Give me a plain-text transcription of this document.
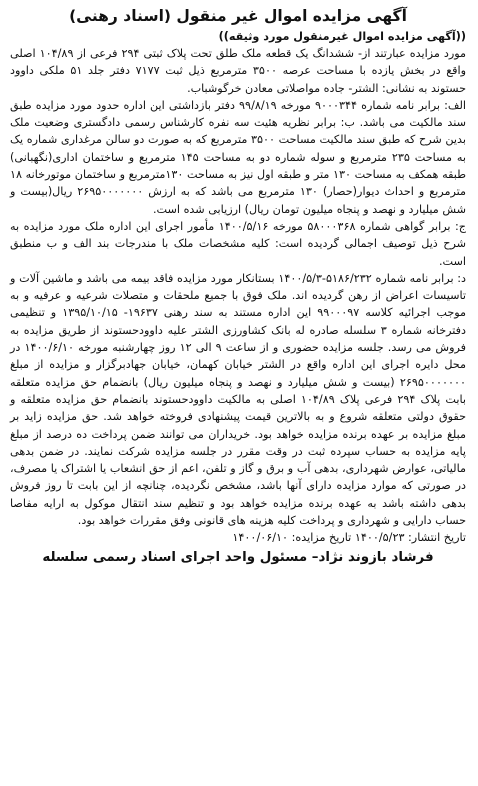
آگهی مزایده اموال غیر منقول (اسناد رهنی)
((آگهی مزایده اموال غیرمنقول مورد وثیقه))

مورد مزایده عبارتند از- ششدانگ یک قطعه ملک طلق تحت پلاک ثبتی ۲۹۴ فرعی از ۱۰۴/۸۹ اصلی واقع در بخش یازده با مساحت عرصه ۳۵۰۰ مترمربع ذیل ثبت ۷۱۷۷ دفتر جلد ۵۱ ملکی داوود حستوند به نشانی: الشتر- جاده مواصلاتی معادن خرگوشباب.

الف: برابر نامه شماره ۹۰۰۰۳۴۴ مورخه ۹۹/۸/۱۹ دفتر بازداشتی این اداره حدود مورد مزایده طبق سند مالکیت می باشد. ب: برابر نظریه هئیت سه نفره کارشناس رسمی دادگستری وضعیت ملک بدین شرح که طبق سند مالکیت مساحت ۳۵۰۰ مترمربع که به صورت دو سالن مرغداری شماره یک به مساحت ۲۳۵ مترمربع و سوله شماره دو به مساحت ۱۴۵ مترمربع و ساختمان اداری(نگهبانی) طبقه همکف به مساحت ۱۳۰ متر و طبقه اول نیز به مساحت ۱۳۰مترمربع و ساختمان موتورخانه ۱۸ مترمربع و احداث دیوار(حصار) ۱۳۰ مترمربع می باشد که به ارزش ۲۶۹۵۰۰۰۰۰۰۰ ریال(بیست و شش میلیارد و نهصد و پنجاه میلیون تومان ریال) ارزیابی شده است.

ج: برابر گواهی شماره ۵۸۰۰۰۳۶۸ مورخه ۱۴۰۰/۵/۱۶ مأمور اجرای این اداره ملک مورد مزایده به شرح ذیل توصیف اجمالی گردیده است: کلیه مشخصات ملک با مندرجات بند الف و ب منطبق است.

د: برابر نامه شماره ۵۱۸۶/۲۳۲-۱۴۰۰/۵/۳ بستانکار مورد مزایده فاقد بیمه می باشد و ماشین آلات و تاسیسات اعراض از رهن گردیده اند. ملک فوق با جمیع ملحقات و متصلات شرعیه و عرفیه و به موجب اجرائیه کلاسه ۹۹۰۰۰۹۷ این اداره مستند به سند رهنی ۱۹۶۳۷- ۱۳۹۵/۱۰/۱۵ و تنظیمی دفترخانه شماره ۳ سلسله صادره له بانک کشاورزی الشتر علیه داوودحستوند از طریق مزایده به فروش می رسد. جلسه مزایده حضوری و از ساعت ۹ الی ۱۲ روز چهارشنبه مورخه ۱۴۰۰/۶/۱۰ در محل دایره اجرای این اداره واقع در الشتر خیابان کهمان، خیابان جهادبرگزار و مزایده از مبلغ ۲۶۹۵۰۰۰۰۰۰۰ (بیست و شش میلیارد و نهصد و پنجاه میلیون ریال) بانضمام حق مزایده متعلقه بابت پلاک ۲۹۴ فرعی پلاک ۱۰۴/۸۹ اصلی به مالکیت داوودحستوند بانضمام حق مزایده متعلقه و حقوق دولتی متعلقه شروع و به بالاترین قیمت پیشنهادی فروخته خواهد شد. حق مزایده زاید بر مبلغ مزایده بر عهده برنده مزایده خواهد بود. خریداران می توانند ضمن پرداخت ده درصد از مبلغ پایه مزایده به حساب سپرده ثبت در وقت مقرر در جلسه مزایده شرکت نمایند. در ضمن بدهی مالیاتی، عوارض شهرداری، بدهی آب و برق و گاز و تلفن، اعم از حق انشعاب یا اشتراک یا مصرف، در صورتی که موارد مزایده دارای آنها باشد، مشخص نگردیده، چنانچه از این بابت تا روز فروش بدهی داشته باشد به عهده برنده مزایده خواهد بود و تنظیم سند انتقال موکول به ارایه مفاصا حساب دارایی و شهرداری و پرداخت کلیه هزینه های قانونی وفق مقررات خواهد بود.

تاریخ انتشار: ۱۴۰۰/۵/۲۳ تاریخ مزایده: ۱۴۰۰/۰۶/۱۰
فرشاد بازوند نژاد– مسئول واحد اجرای اسناد رسمی سلسله
